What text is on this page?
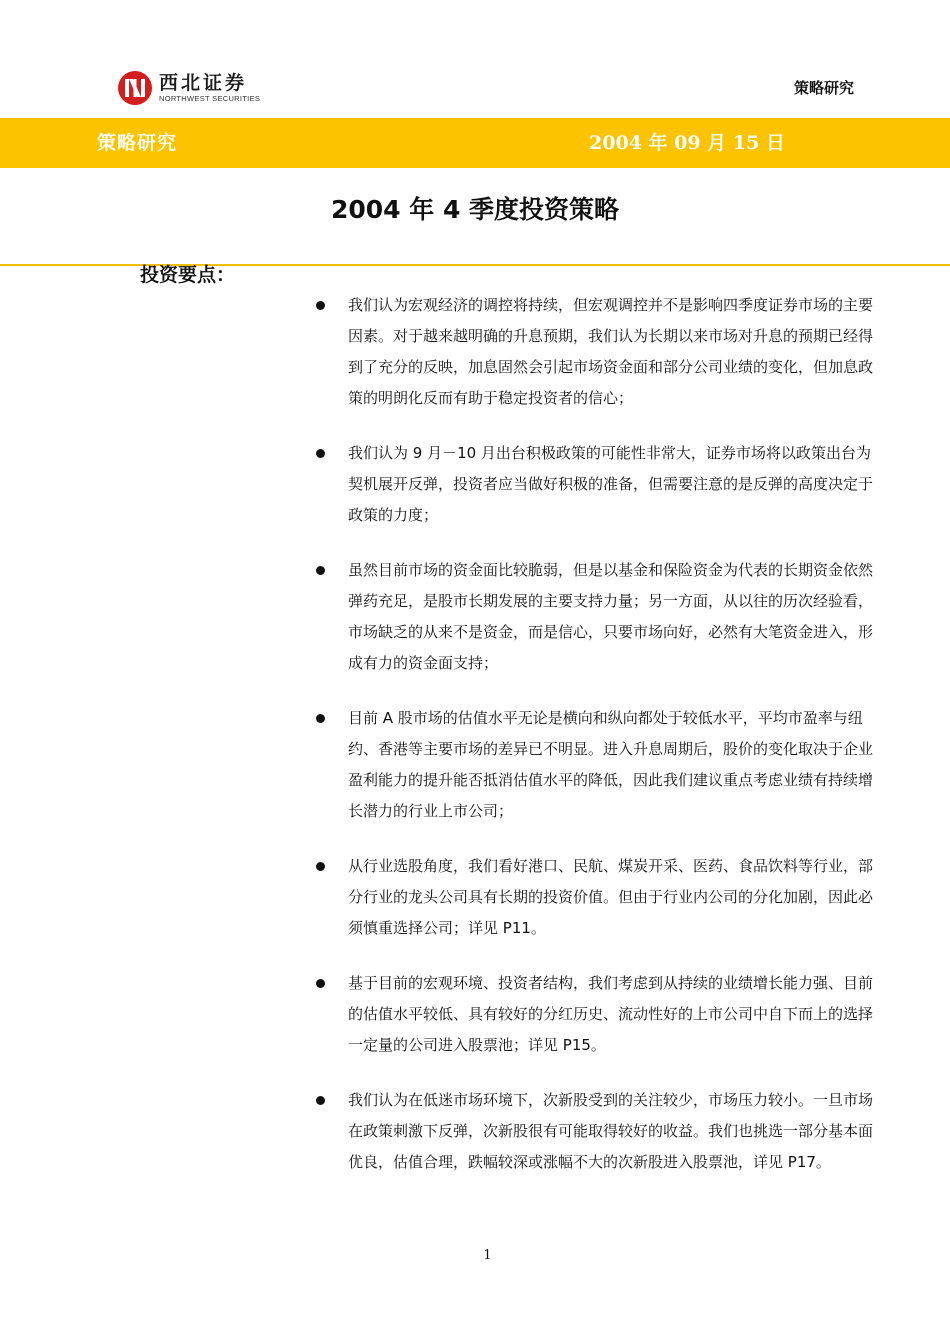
西北证券
NORTHWEST SECURITIES
策略研究
策略研究	2004 年 09 月 15 日
2004 年 4 季度投资策略
投资要点：
我们认为宏观经济的调控将持续，但宏观调控并不是影响四季度证券市场的主要因素。对于越来越明确的升息预期，我们认为长期以来市场对升息的预期已经得到了充分的反映，加息固然会引起市场资金面和部分公司业绩的变化，但加息政策的明朗化反而有助于稳定投资者的信心；
我们认为 9 月－10 月出台积极政策的可能性非常大，证券市场将以政策出台为契机展开反弹，投资者应当做好积极的准备，但需要注意的是反弹的高度决定于政策的力度；
虽然目前市场的资金面比较脆弱，但是以基金和保险资金为代表的长期资金依然弹药充足，是股市长期发展的主要支持力量；另一方面，从以往的历次经验看，市场缺乏的从来不是资金，而是信心，只要市场向好，必然有大笔资金进入，形成有力的资金面支持；
目前 A 股市场的估值水平无论是横向和纵向都处于较低水平，平均市盈率与纽约、香港等主要市场的差异已不明显。进入升息周期后，股价的变化取决于企业盈利能力的提升能否抵消估值水平的降低，因此我们建议重点考虑业绩有持续增长潜力的行业上市公司；
从行业选股角度，我们看好港口、民航、煤炭开采、医药、食品饮料等行业，部分行业的龙头公司具有长期的投资价值。但由于行业内公司的分化加剧，因此必须慎重选择公司；详见 P11。
基于目前的宏观环境、投资者结构，我们考虑到从持续的业绩增长能力强、目前的估值水平较低、具有较好的分红历史、流动性好的上市公司中自下而上的选择一定量的公司进入股票池；详见 P15。
我们认为在低迷市场环境下，次新股受到的关注较少，市场压力较小。一旦市场在政策刺激下反弹，次新股很有可能取得较好的收益。我们也挑选一部分基本面优良，估值合理，跌幅较深或涨幅不大的次新股进入股票池，详见 P17。
1
